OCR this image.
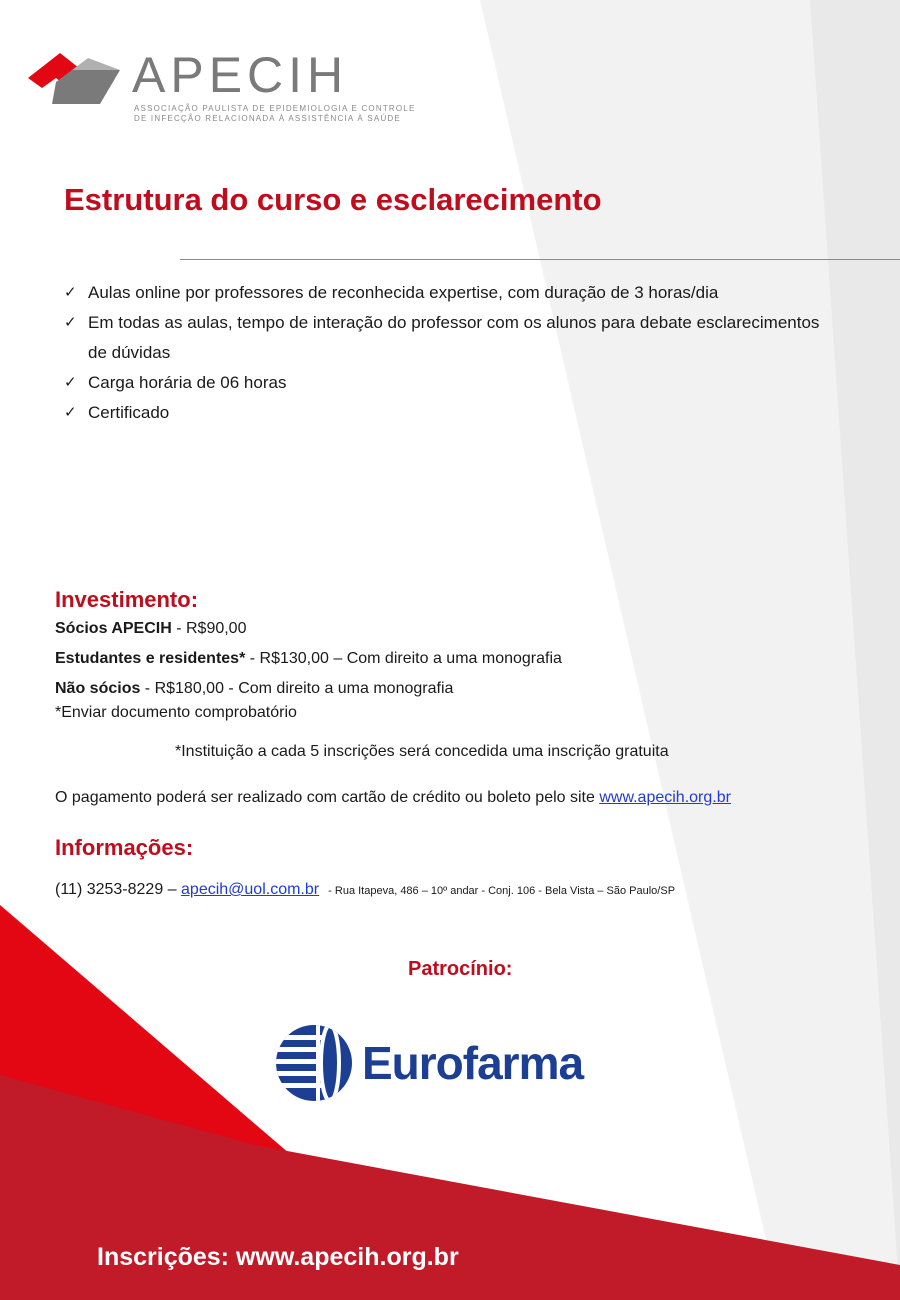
APECIH
ASSOCIAÇÃO PAULISTA DE EPIDEMIOLOGIA E CONTROLE
DE INFECÇÃO RELACIONADA À ASSISTÊNCIA À SAÚDE
Estrutura do curso e esclarecimento
✓ Aulas online por professores de reconhecida expertise, com duração de 3 horas/dia
✓ Em todas as aulas, tempo de interação do professor com os alunos para debate esclarecimentos de dúvidas
✓ Carga horária de 06 horas
✓ Certificado
Investimento:
Sócios APECIH - R$90,00
Estudantes e residentes* - R$130,00 – Com direito a uma monografia
Não sócios - R$180,00 - Com direito a uma monografia
*Enviar documento comprobatório
*Instituição a cada 5 inscrições será concedida uma inscrição gratuita
O pagamento poderá ser realizado com cartão de crédito ou boleto pelo site www.apecih.org.br
Informações:
(11) 3253-8229 – apecih@uol.com.br - Rua Itapeva, 486 – 10º andar - Conj. 106 - Bela Vista – São Paulo/SP
Patrocínio:
Eurofarma
Inscrições: www.apecih.org.br
